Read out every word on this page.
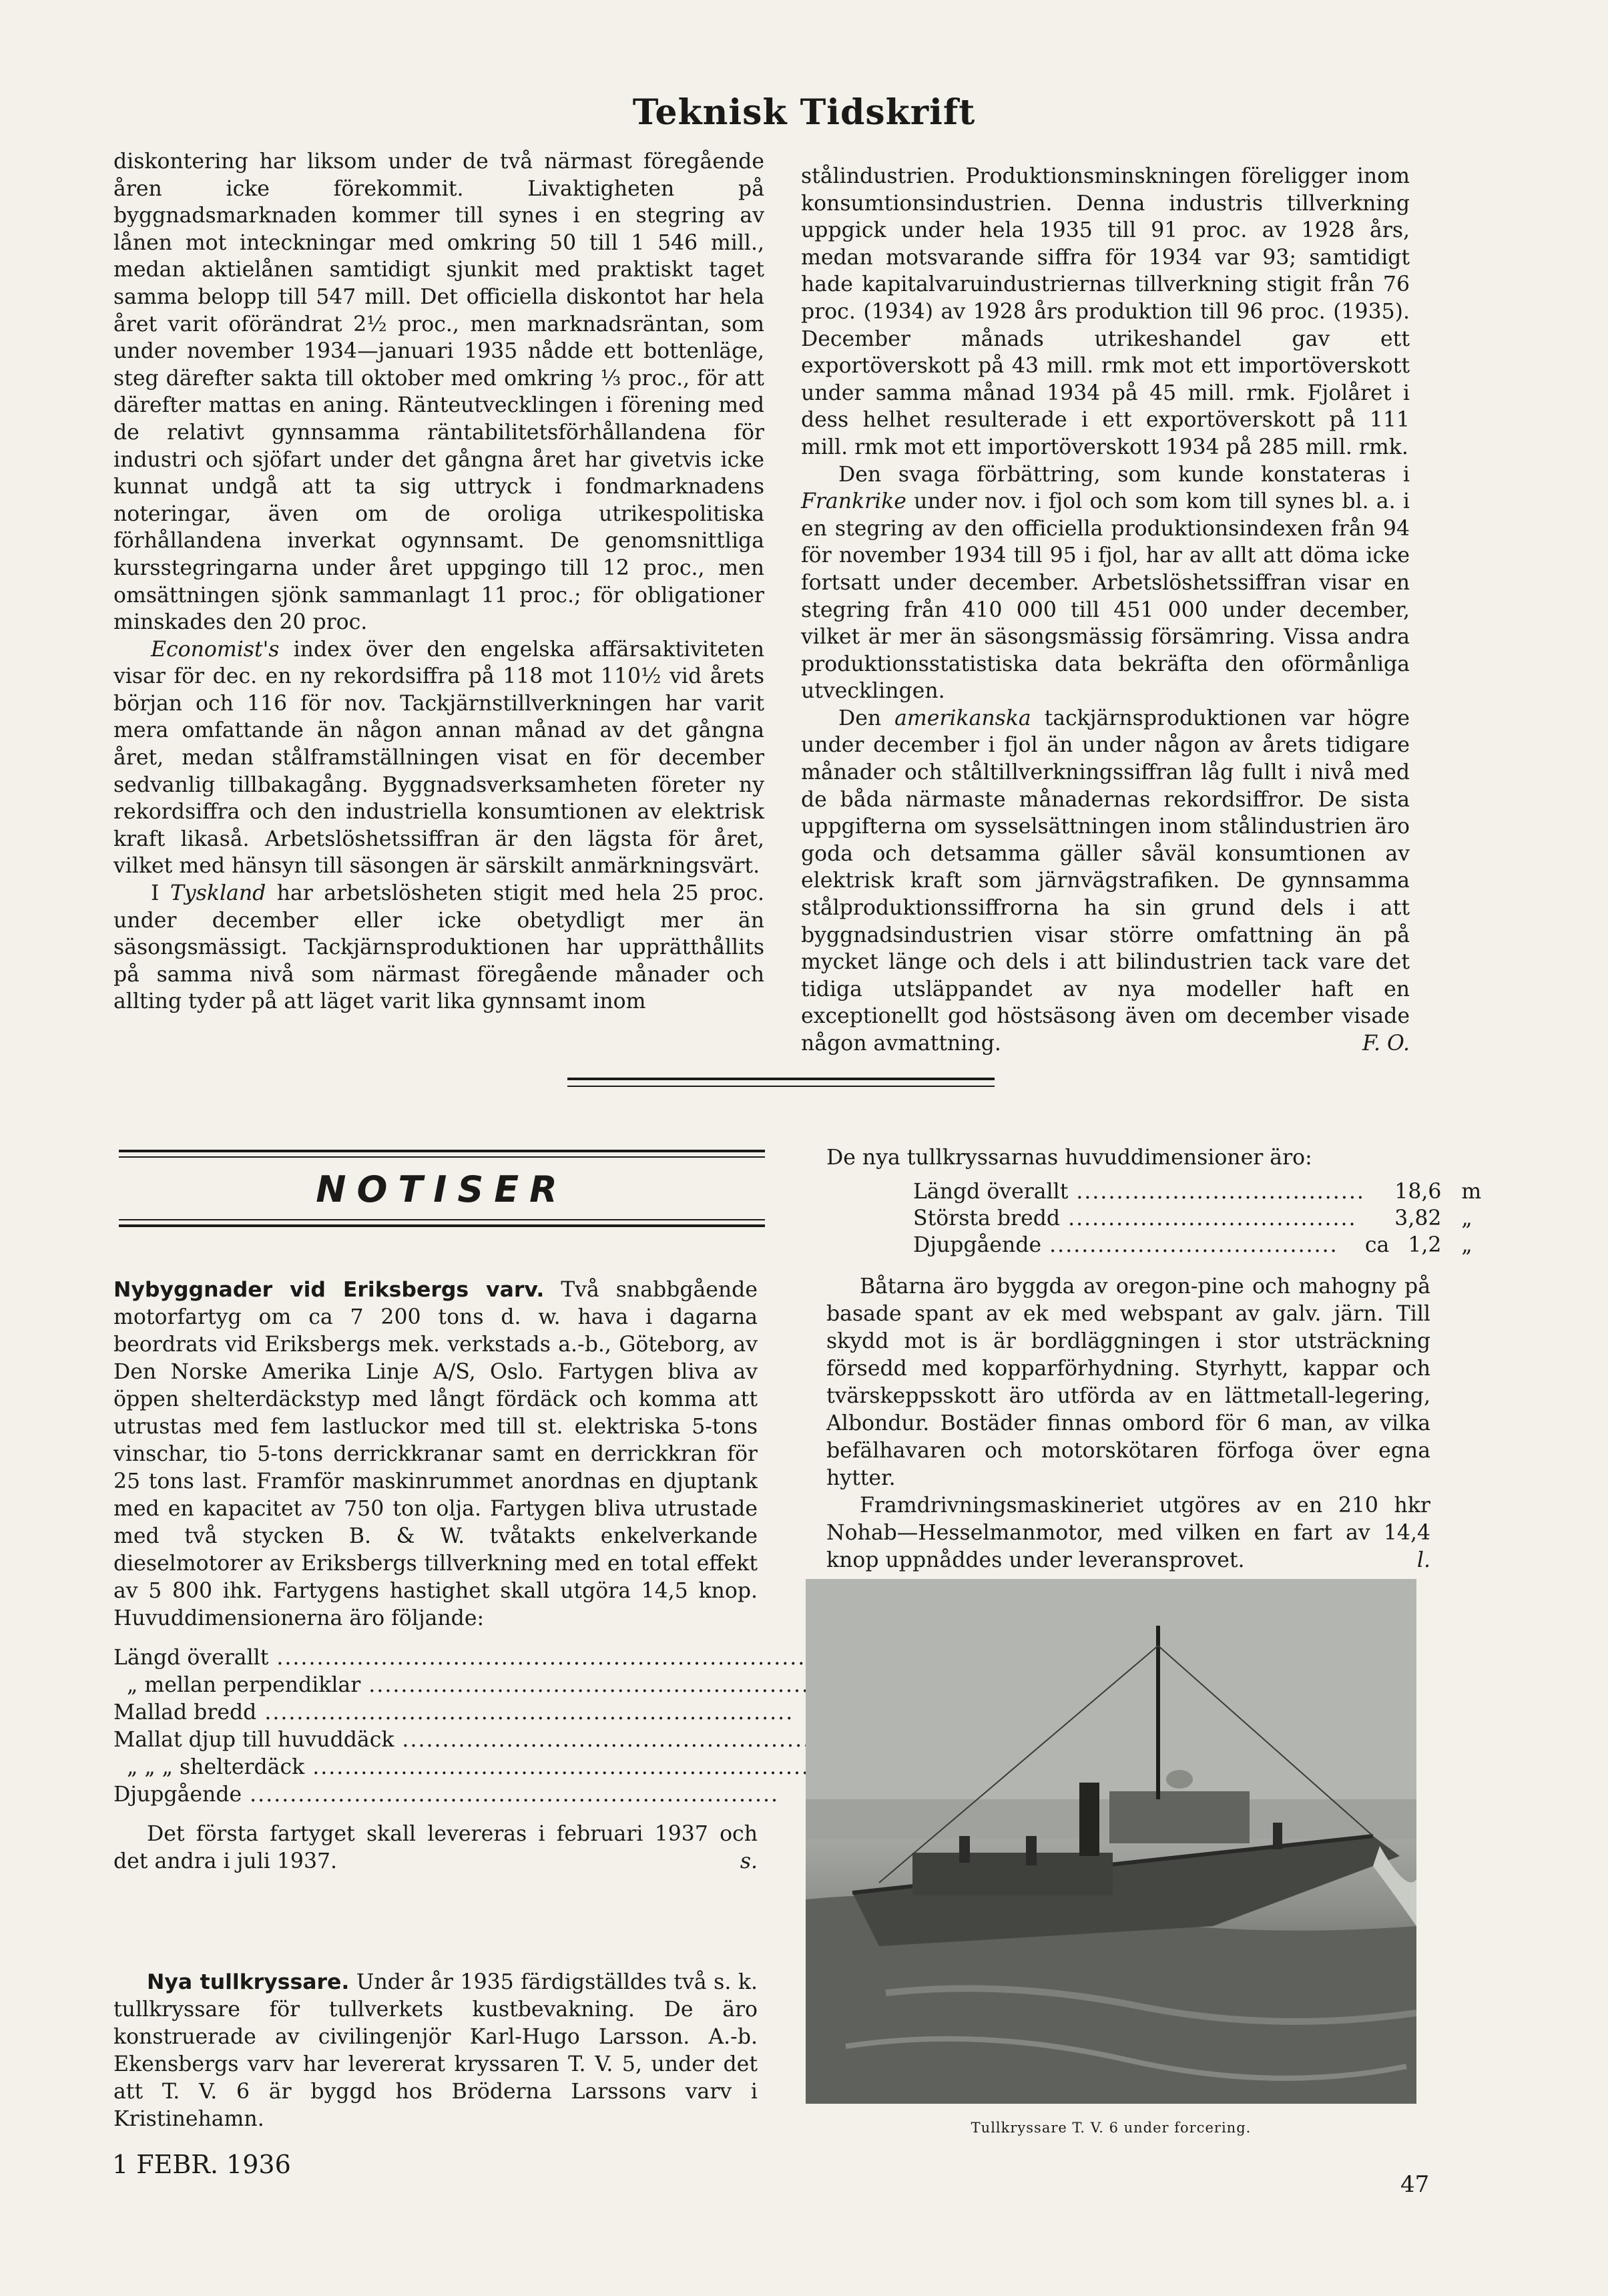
Teknisk Tidskrift

diskontering har liksom under de två närmast föregående åren icke förekommit. Livaktigheten på byggnadsmarknaden kommer till synes i en stegring av lånen mot inteckningar med omkring 50 till 1 546 mill., medan aktielånen samtidigt sjunkit med praktiskt taget samma belopp till 547 mill. Det officiella diskontot har hela året varit oförändrat 2½ proc., men marknadsräntan, som under november 1934—januari 1935 nådde ett bottenläge, steg därefter sakta till oktober med omkring ⅓ proc., för att därefter mattas en aning. Ränteutvecklingen i förening med de relativt gynnsamma räntabilitetsförhållandena för industri och sjöfart under det gångna året har givetvis icke kunnat undgå att ta sig uttryck i fondmarknadens noteringar, även om de oroliga utrikespolitiska förhållandena inverkat ogynnsamt. De genomsnittliga kursstegringarna under året uppgingo till 12 proc., men omsättningen sjönk sammanlagt 11 proc.; för obligationer minskades den 20 proc.

Economist's index över den engelska affärsaktiviteten visar för dec. en ny rekordsiffra på 118 mot 110½ vid årets början och 116 för nov. Tackjärnstillverkningen har varit mera omfattande än någon annan månad av det gångna året, medan stålframställningen visat en för december sedvanlig tillbakagång. Byggnadsverksamheten företer ny rekordsiffra och den industriella konsumtionen av elektrisk kraft likaså. Arbetslöshetssiffran är den lägsta för året, vilket med hänsyn till säsongen är särskilt anmärkningsvärt.

I Tyskland har arbetslösheten stigit med hela 25 proc. under december eller icke obetydligt mer än säsongsmässigt. Tackjärnsproduktionen har upprätthållits på samma nivå som närmast föregående månader och allting tyder på att läget varit lika gynnsamt inom

stålindustrien. Produktionsminskningen föreligger inom konsumtionsindustrien. Denna industris tillverkning uppgick under hela 1935 till 91 proc. av 1928 års, medan motsvarande siffra för 1934 var 93; samtidigt hade kapitalvaruindustriernas tillverkning stigit från 76 proc. (1934) av 1928 års produktion till 96 proc. (1935). December månads utrikeshandel gav ett exportöverskott på 43 mill. rmk mot ett importöverskott under samma månad 1934 på 45 mill. rmk. Fjolåret i dess helhet resulterade i ett exportöverskott på 111 mill. rmk mot ett importöverskott 1934 på 285 mill. rmk.

Den svaga förbättring, som kunde konstateras i Frankrike under nov. i fjol och som kom till synes bl. a. i en stegring av den officiella produktionsindexen från 94 för november 1934 till 95 i fjol, har av allt att döma icke fortsatt under december. Arbetslöshetssiffran visar en stegring från 410 000 till 451 000 under december, vilket är mer än säsongsmässig försämring. Vissa andra produktionsstatistiska data bekräfta den oförmånliga utvecklingen.

Den amerikanska tackjärnsproduktionen var högre under december i fjol än under någon av årets tidigare månader och ståltillverkningssiffran låg fullt i nivå med de båda närmaste månadernas rekordsiffror. De sista uppgifterna om sysselsättningen inom stålindustrien äro goda och detsamma gäller såväl konsumtionen av elektrisk kraft som järnvägstrafiken. De gynnsamma stålproduktionssiffrorna ha sin grund dels i att byggnadsindustrien visar större omfattning än på mycket länge och dels i att bilindustrien tack vare det tidiga utsläppandet av nya modeller haft en exceptionellt god höstsäsong även om december visade någon avmattning.	F. O.

NOTISER

Nybyggnader vid Eriksbergs varv. Två snabbgående motorfartyg om ca 7 200 tons d. w. hava i dagarna beordrats vid Eriksbergs mek. verkstads a.-b., Göteborg, av Den Norske Amerika Linje A/S, Oslo. Fartygen bliva av öppen shelterdäckstyp med långt fördäck och komma att utrustas med fem lastluckor med till st. elektriska 5-tons vinschar, tio 5-tons derrickkranar samt en derrickkran för 25 tons last. Framför maskinrummet anordnas en djuptank med en kapacitet av 750 ton olja. Fartygen bliva utrustade med två stycken B. & W. tvåtakts enkelverkande dieselmotorer av Eriksbergs tillverkning med en total effekt av 5 800 ihk. Fartygens hastighet skall utgöra 14,5 knop. Huvuddimensionerna äro följande:

Längd överallt .....		
„ mellan perpendiklar .....		
Mallad bredd .....		
Mallat djup till huvuddäck .....		
„ „ „ shelterdäck .....		
Djupgående .....		

Det första fartyget skall levereras i februari 1937 och det andra i juli 1937.	s.

Nya tullkryssare. Under år 1935 färdigställdes två s. k. tullkryssare för tullverkets kustbevakning. De äro konstruerade av civilingenjör Karl-Hugo Larsson. A.-b. Ekensbergs varv har levererat kryssaren T. V. 5, under det att T. V. 6 är byggd hos Bröderna Larssons varv i Kristinehamn.

De nya tullkryssarnas huvuddimensioner äro:

Längd överallt .....		18,6	m
Största bredd .....		3,82	„
Djupgående .....	ca	1,2	„

Båtarna äro byggda av oregon-pine och mahogny på basade spant av ek med webspant av galv. järn. Till skydd mot is är bordläggningen i stor utsträckning försedd med kopparförhydning. Styrhytt, kappar och tvärskeppsskott äro utförda av en lättmetall-legering, Albondur. Bostäder finnas ombord för 6 man, av vilka befälhavaren och motorskötaren förfoga över egna hytter.

Framdrivningsmaskineriet utgöres av en 210 hkr Nohab—Hesselmanmotor, med vilken en fart av 14,4 knop uppnåddes under leveransprovet.	l.

Tullkryssare T. V. 6 under forcering.
1 FEBR. 1936
47
